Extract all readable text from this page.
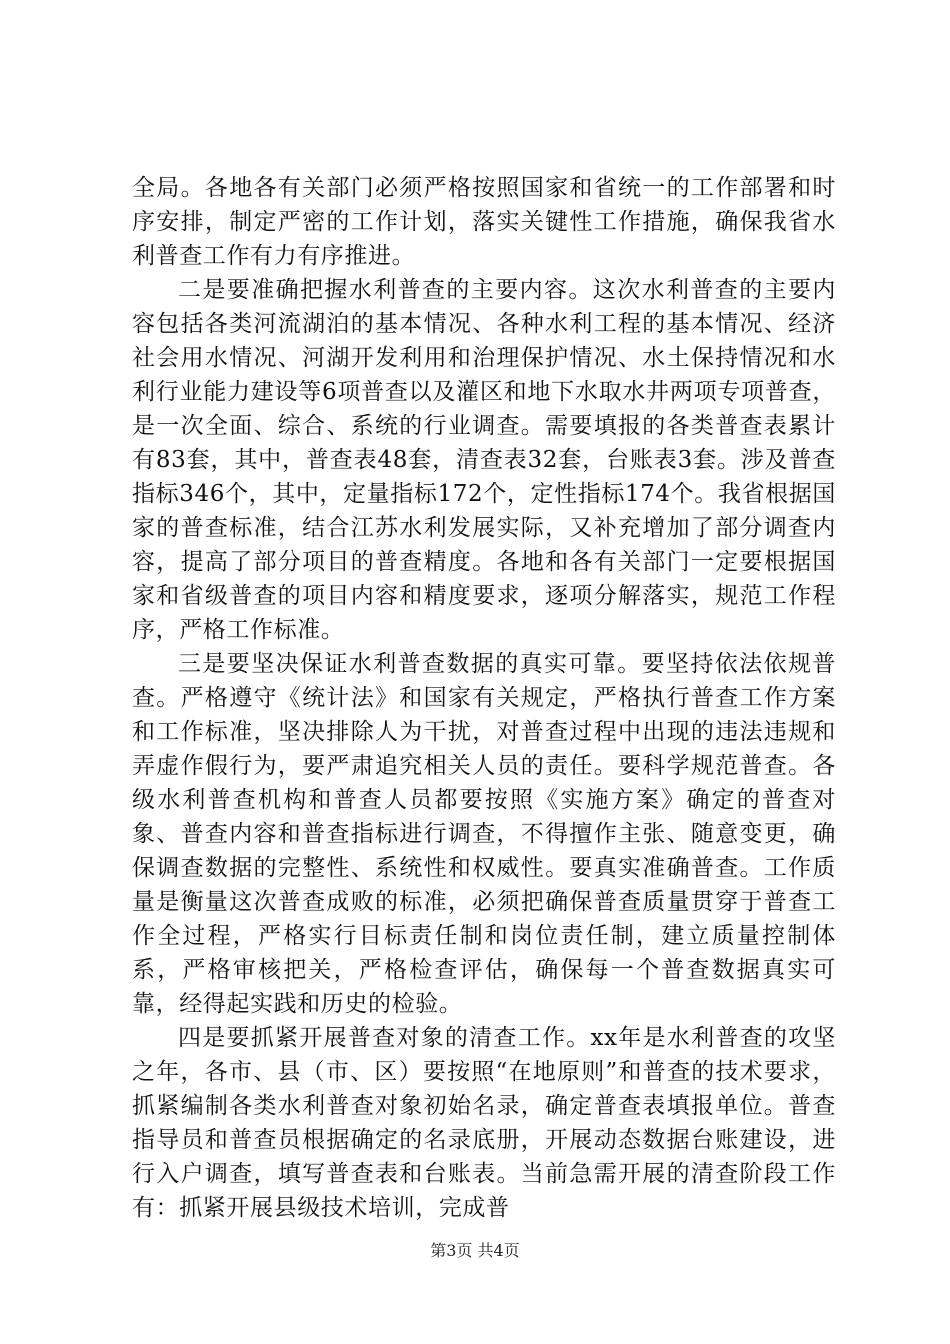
全局。各地各有关部门必须严格按照国家和省统一的工作部署和时序安排，制定严密的工作计划，落实关键性工作措施，确保我省水利普查工作有力有序推进。

二是要准确把握水利普查的主要内容。这次水利普查的主要内容包括各类河流湖泊的基本情况、各种水利工程的基本情况、经济社会用水情况、河湖开发利用和治理保护情况、水土保持情况和水利行业能力建设等6项普查以及灌区和地下水取水井两项专项普查，是一次全面、综合、系统的行业调查。需要填报的各类普查表累计有83套，其中，普查表48套，清查表32套，台账表3套。涉及普查指标346个，其中，定量指标172个，定性指标174个。我省根据国家的普查标准，结合江苏水利发展实际，又补充增加了部分调查内容，提高了部分项目的普查精度。各地和各有关部门一定要根据国家和省级普查的项目内容和精度要求，逐项分解落实，规范工作程序，严格工作标准。

三是要坚决保证水利普查数据的真实可靠。要坚持依法依规普查。严格遵守《统计法》和国家有关规定，严格执行普查工作方案和工作标准，坚决排除人为干扰，对普查过程中出现的违法违规和弄虚作假行为，要严肃追究相关人员的责任。要科学规范普查。各级水利普查机构和普查人员都要按照《实施方案》确定的普查对象、普查内容和普查指标进行调查，不得擅作主张、随意变更，确保调查数据的完整性、系统性和权威性。要真实准确普查。工作质量是衡量这次普查成败的标准，必须把确保普查质量贯穿于普查工作全过程，严格实行目标责任制和岗位责任制，建立质量控制体系，严格审核把关，严格检查评估，确保每一个普查数据真实可靠，经得起实践和历史的检验。

四是要抓紧开展普查对象的清查工作。xx年是水利普查的攻坚之年，各市、县（市、区）要按照“在地原则”和普查的技术要求，抓紧编制各类水利普查对象初始名录，确定普查表填报单位。普查指导员和普查员根据确定的名录底册，开展动态数据台账建设，进行入户调查，填写普查表和台账表。当前急需开展的清查阶段工作有：抓紧开展县级技术培训，完成普

第3页 共4页
